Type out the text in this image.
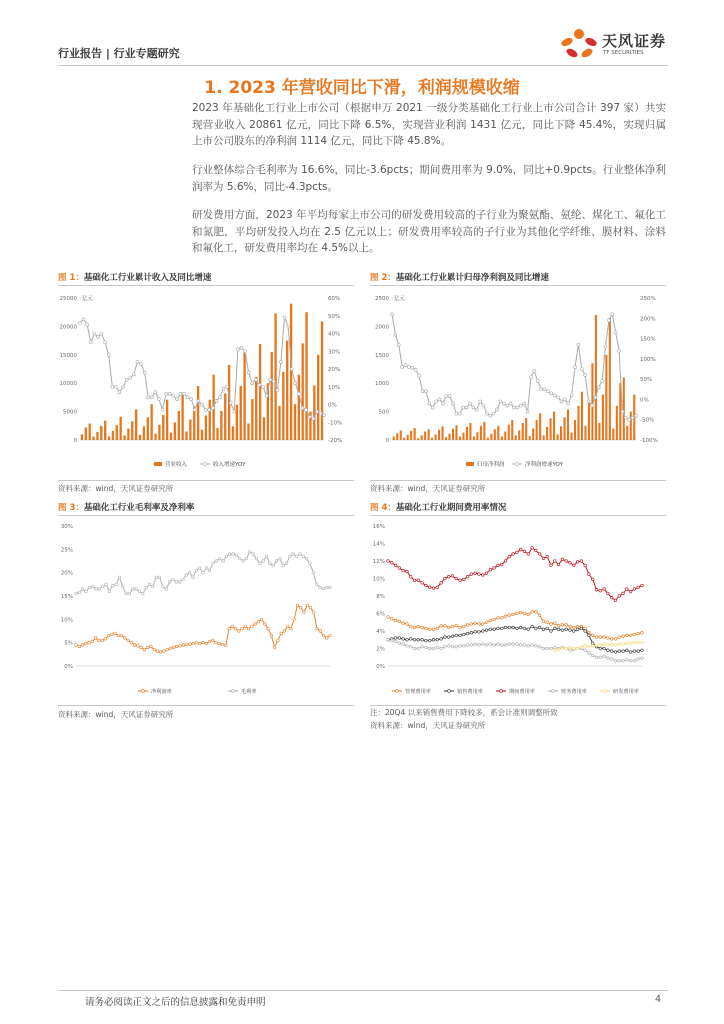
行业报告 | 行业专题研究
天风证券
TF SECURITIES
1. 2023 年营收同比下滑，利润规模收缩

2023 年基础化工行业上市公司（根据申万 2021 一级分类基础化工行业上市公司合计 397 家）共实现营业收入 20861 亿元，同比下降 6.5%，实现营业利润 1431 亿元，同比下降 45.4%，实现归属上市公司股东的净利润 1114 亿元，同比下降 45.8%。

行业整体综合毛利率为 16.6%，同比-3.6pcts；期间费用率为 9.0%，同比+0.9pcts。行业整体净利润率为 5.6%，同比-4.3pcts。

研发费用方面，2023 年平均每家上市公司的研发费用较高的子行业为聚氨酯、氨纶、煤化工、氟化工和氮肥，平均研发投入均在 2.5 亿元以上；研发费用率较高的子行业为其他化学纤维、膜材料、涂料和氟化工，研发费用率均在 4.5%以上。

图 1：基础化工行业累计收入及同比增速	图 2：基础化工行业累计归母净利润及同比增速
0
5000
10000
15000
20000
25000
-20%
-10%
0%
10%
20%
30%
40%
50%
60%
亿元
营业收入	收入增速YOY
0
500
1000
1500
2000
2500
-100%
-50%
0%
50%
100%
150%
200%
250%
亿元
归母净利润	净利润增速YOY
资料来源：wind，天风证券研究所	资料来源：wind，天风证券研究所
图 3：基础化工行业毛利率及净利率	图 4：基础化工行业期间费用率情况
0%
5%
10%
15%
20%
25%
30%
净利润率	毛利率
0%
2%
4%
6%
8%
10%
12%
14%
16%
管理费用率	销售费用率	期间费用率	财务费用率	研发费用率
资料来源：wind，天风证券研究所	注：20Q4 以来销售费用下降较多，系会计准则调整所致
资料来源：wind，天风证券研究所
请务必阅读正文之后的信息披露和免责申明	4
